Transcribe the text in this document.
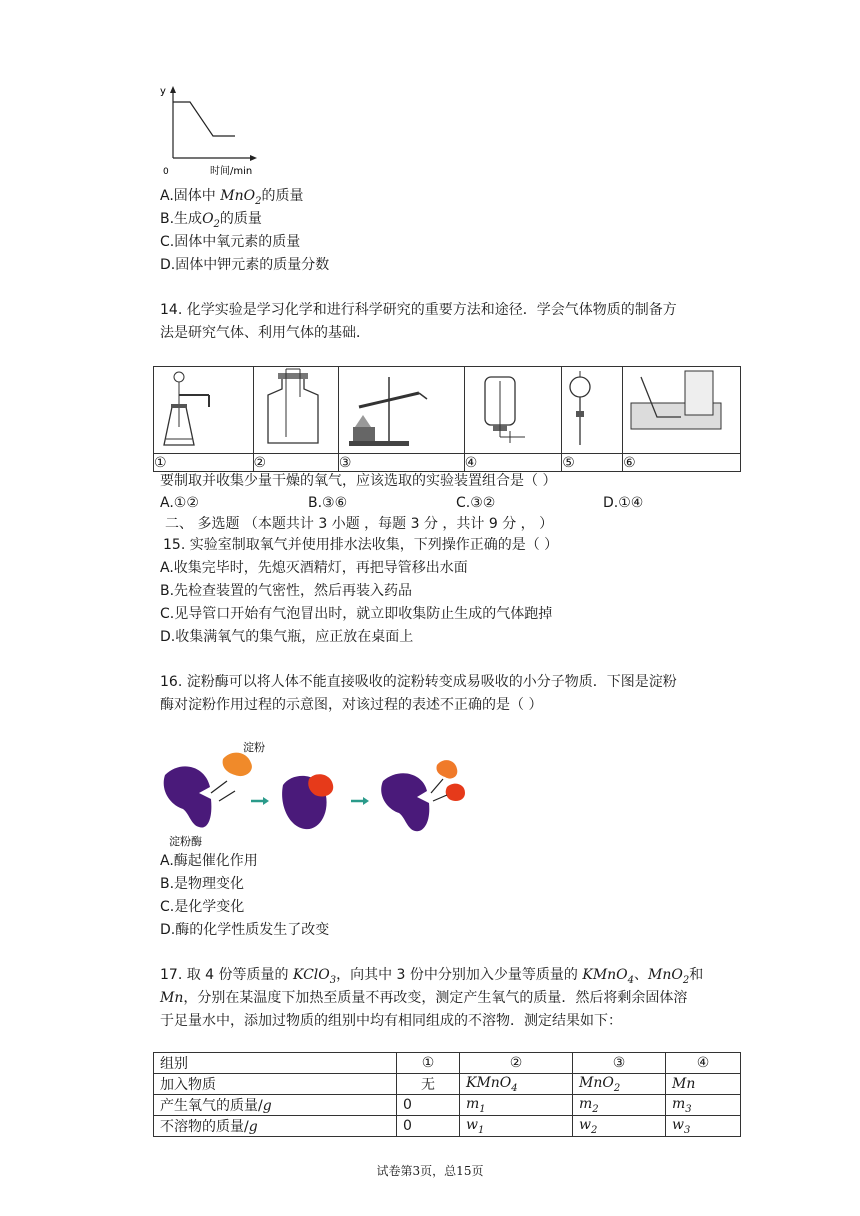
y
0	时间/min
A.固体中 MnO$_2$的质量
B.生成$O_2$的质量
C.固体中氧元素的质量
D.固体中钾元素的质量分数
14. 化学实验是学习化学和进行科学研究的重要方法和途径．学会气体物质的制备方
法是研究气体、利用气体的基础．

①	②	③	④	⑤	⑥
要制取并收集少量干燥的氧气，应该选取的实验装置组合是（ ）
A.①②	B.③⑥	C.③②	D.①④
二、 多选题 （本题共计 3 小题 ，每题 3 分 ，共计 9 分 ， ）
15. 实验室制取氧气并使用排水法收集，下列操作正确的是（ ）
A.收集完毕时，先熄灭酒精灯，再把导管移出水面
B.先检查装置的气密性，然后再装入药品
C.见导管口开始有气泡冒出时，就立即收集防止生成的气体跑掉
D.收集满氧气的集气瓶，应正放在桌面上
16. 淀粉酶可以将人体不能直接吸收的淀粉转变成易吸收的小分子物质．下图是淀粉
酶对淀粉作用过程的示意图，对该过程的表述不正确的是（ ）
淀粉
淀粉酶
A.酶起催化作用
B.是物理变化
C.是化学变化
D.酶的化学性质发生了改变
17. 取 4 份等质量的 KClO$_3$，向其中 3 份中分别加入少量等质量的 KMnO$_4$、MnO$_2$和
Mn，分别在某温度下加热至质量不再改变，测定产生氧气的质量．然后将剩余固体溶
于足量水中，添加过物质的组别中均有相同组成的不溶物．测定结果如下：
组别	①	②	③	④
加入物质	无	KMnO$_4$	MnO$_2$	Mn
产生氧气的质量/g	0	$m_1$	$m_2$	$m_3$
不溶物的质量/g	0	$w_1$	$w_2$	$w_3$
试卷第3页，总15页
